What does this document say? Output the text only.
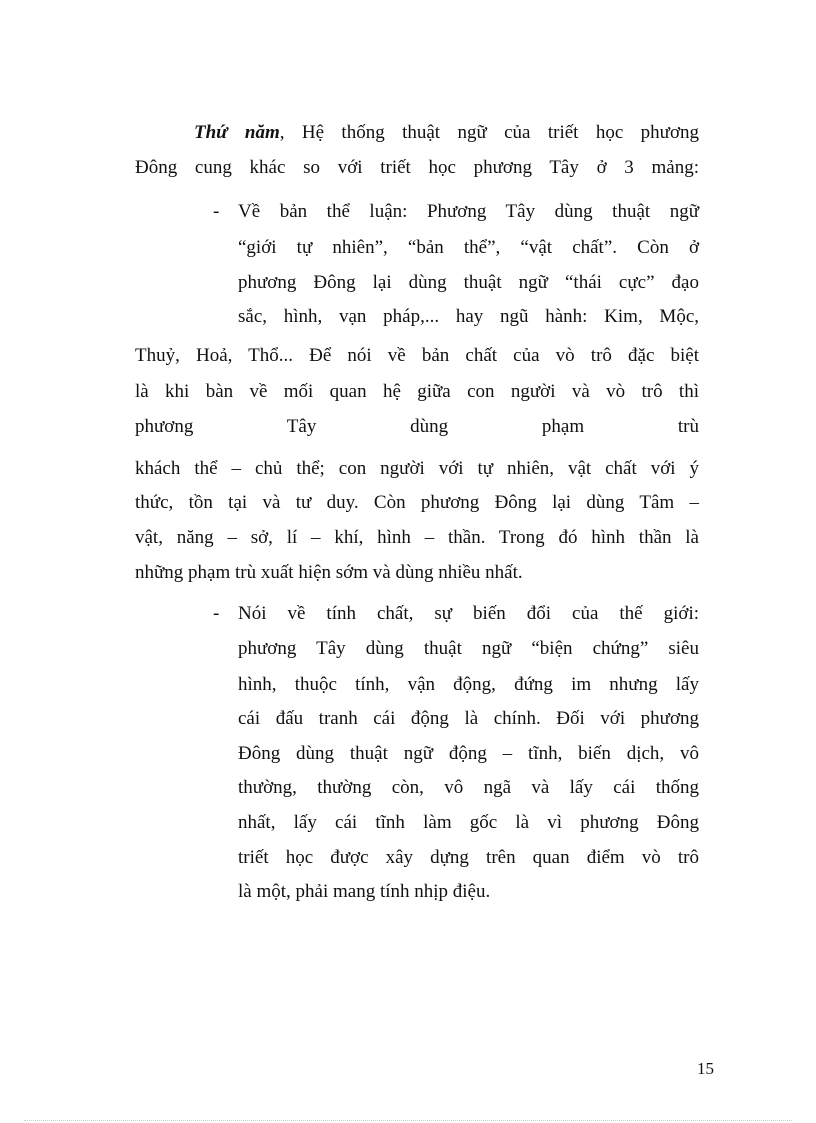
Thứ năm, Hệ thống thuật ngữ của triết học phương
Đông cung khác so với triết học phương Tây ở 3 mảng:
- Về bản thể luận: Phương Tây dùng thuật ngữ
“giới tự nhiên”, “bản thể”, “vật chất”. Còn ở
phương Đông lại dùng thuật ngữ “thái cực” đạo
sắc, hình, vạn pháp,... hay ngũ hành: Kim, Mộc,
Thuỷ, Hoả, Thổ... Để nói về bản chất của vò trô đặc biệt
là khi bàn về mối quan hệ giữa con người và vò trô thì
phương Tây dùng phạm trù
khách thể – chủ thể; con người với tự nhiên, vật chất với ý
thức, tồn tại và tư duy. Còn phương Đông lại dùng Tâm –
vật, năng – sở, lí – khí, hình – thần. Trong đó hình thần là
những phạm trù xuất hiện sớm và dùng nhiều nhất.
- Nói về tính chất, sự biến đổi của thế giới:
phương Tây dùng thuật ngữ “biện chứng” siêu
hình, thuộc tính, vận động, đứng im nhưng lấy
cái đấu tranh cái động là chính. Đối với phương
Đông dùng thuật ngữ động – tĩnh, biến dịch, vô
thường, thường còn, vô ngã và lấy cái thống
nhất, lấy cái tĩnh làm gốc là vì phương Đông
triết học được xây dựng trên quan điểm vò trô
là một, phải mang tính nhịp điệu.
15
